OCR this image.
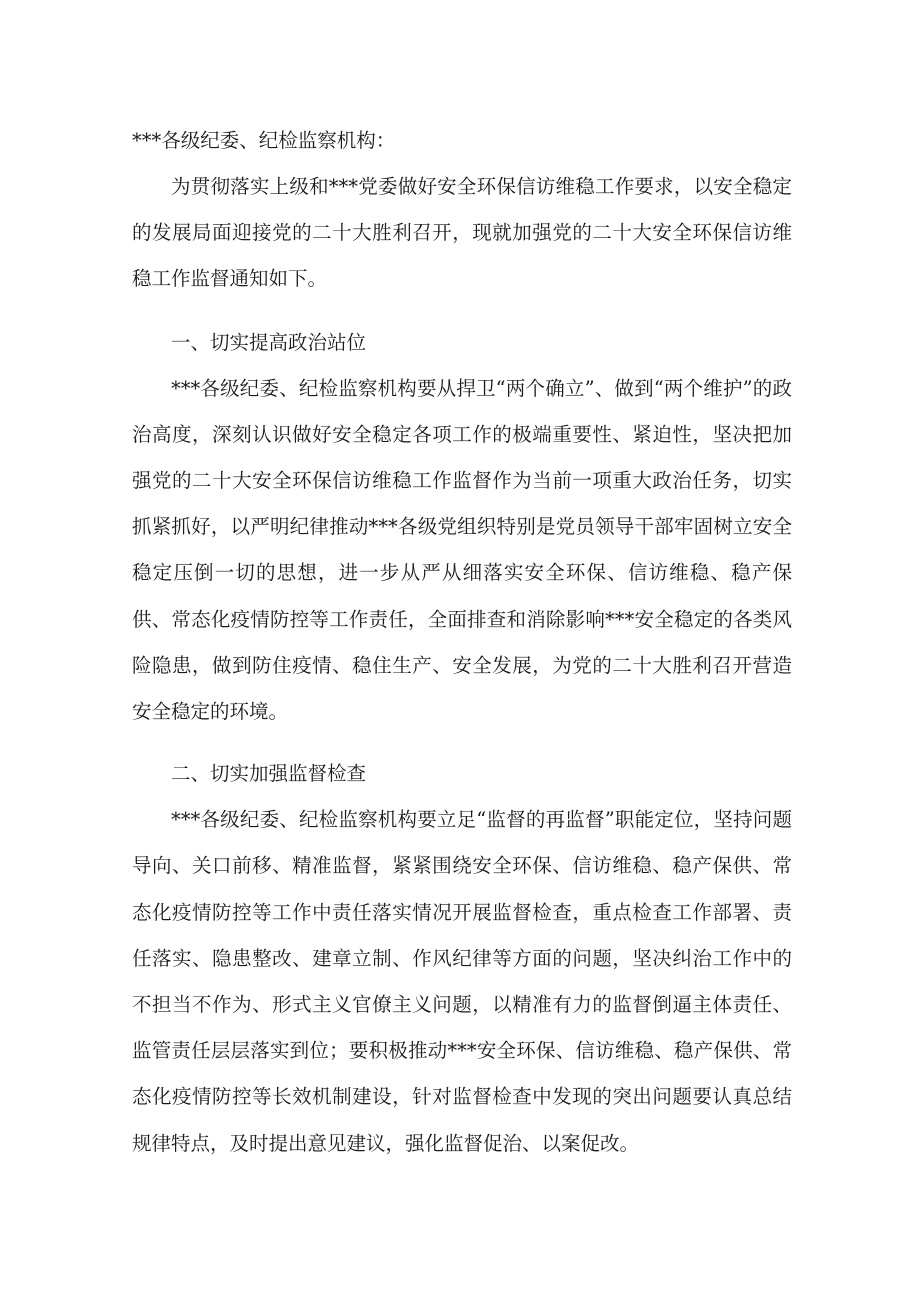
***各级纪委、纪检监察机构：

为贯彻落实上级和***党委做好安全环保信访维稳工作要求，以安全稳定的发展局面迎接党的二十大胜利召开，现就加强党的二十大安全环保信访维稳工作监督通知如下。

一、切实提高政治站位

***各级纪委、纪检监察机构要从捍卫“两个确立”、做到“两个维护”的政治高度，深刻认识做好安全稳定各项工作的极端重要性、紧迫性，坚决把加强党的二十大安全环保信访维稳工作监督作为当前一项重大政治任务，切实抓紧抓好，以严明纪律推动***各级党组织特别是党员领导干部牢固树立安全稳定压倒一切的思想，进一步从严从细落实安全环保、信访维稳、稳产保供、常态化疫情防控等工作责任，全面排查和消除影响***安全稳定的各类风险隐患，做到防住疫情、稳住生产、安全发展，为党的二十大胜利召开营造安全稳定的环境。

二、切实加强监督检查

***各级纪委、纪检监察机构要立足“监督的再监督”职能定位，坚持问题导向、关口前移、精准监督，紧紧围绕安全环保、信访维稳、稳产保供、常态化疫情防控等工作中责任落实情况开展监督检查，重点检查工作部署、责任落实、隐患整改、建章立制、作风纪律等方面的问题，坚决纠治工作中的不担当不作为、形式主义官僚主义问题，以精准有力的监督倒逼主体责任、监管责任层层落实到位；要积极推动***安全环保、信访维稳、稳产保供、常态化疫情防控等长效机制建设，针对监督检查中发现的突出问题要认真总结规律特点，及时提出意见建议，强化监督促治、以案促改。
